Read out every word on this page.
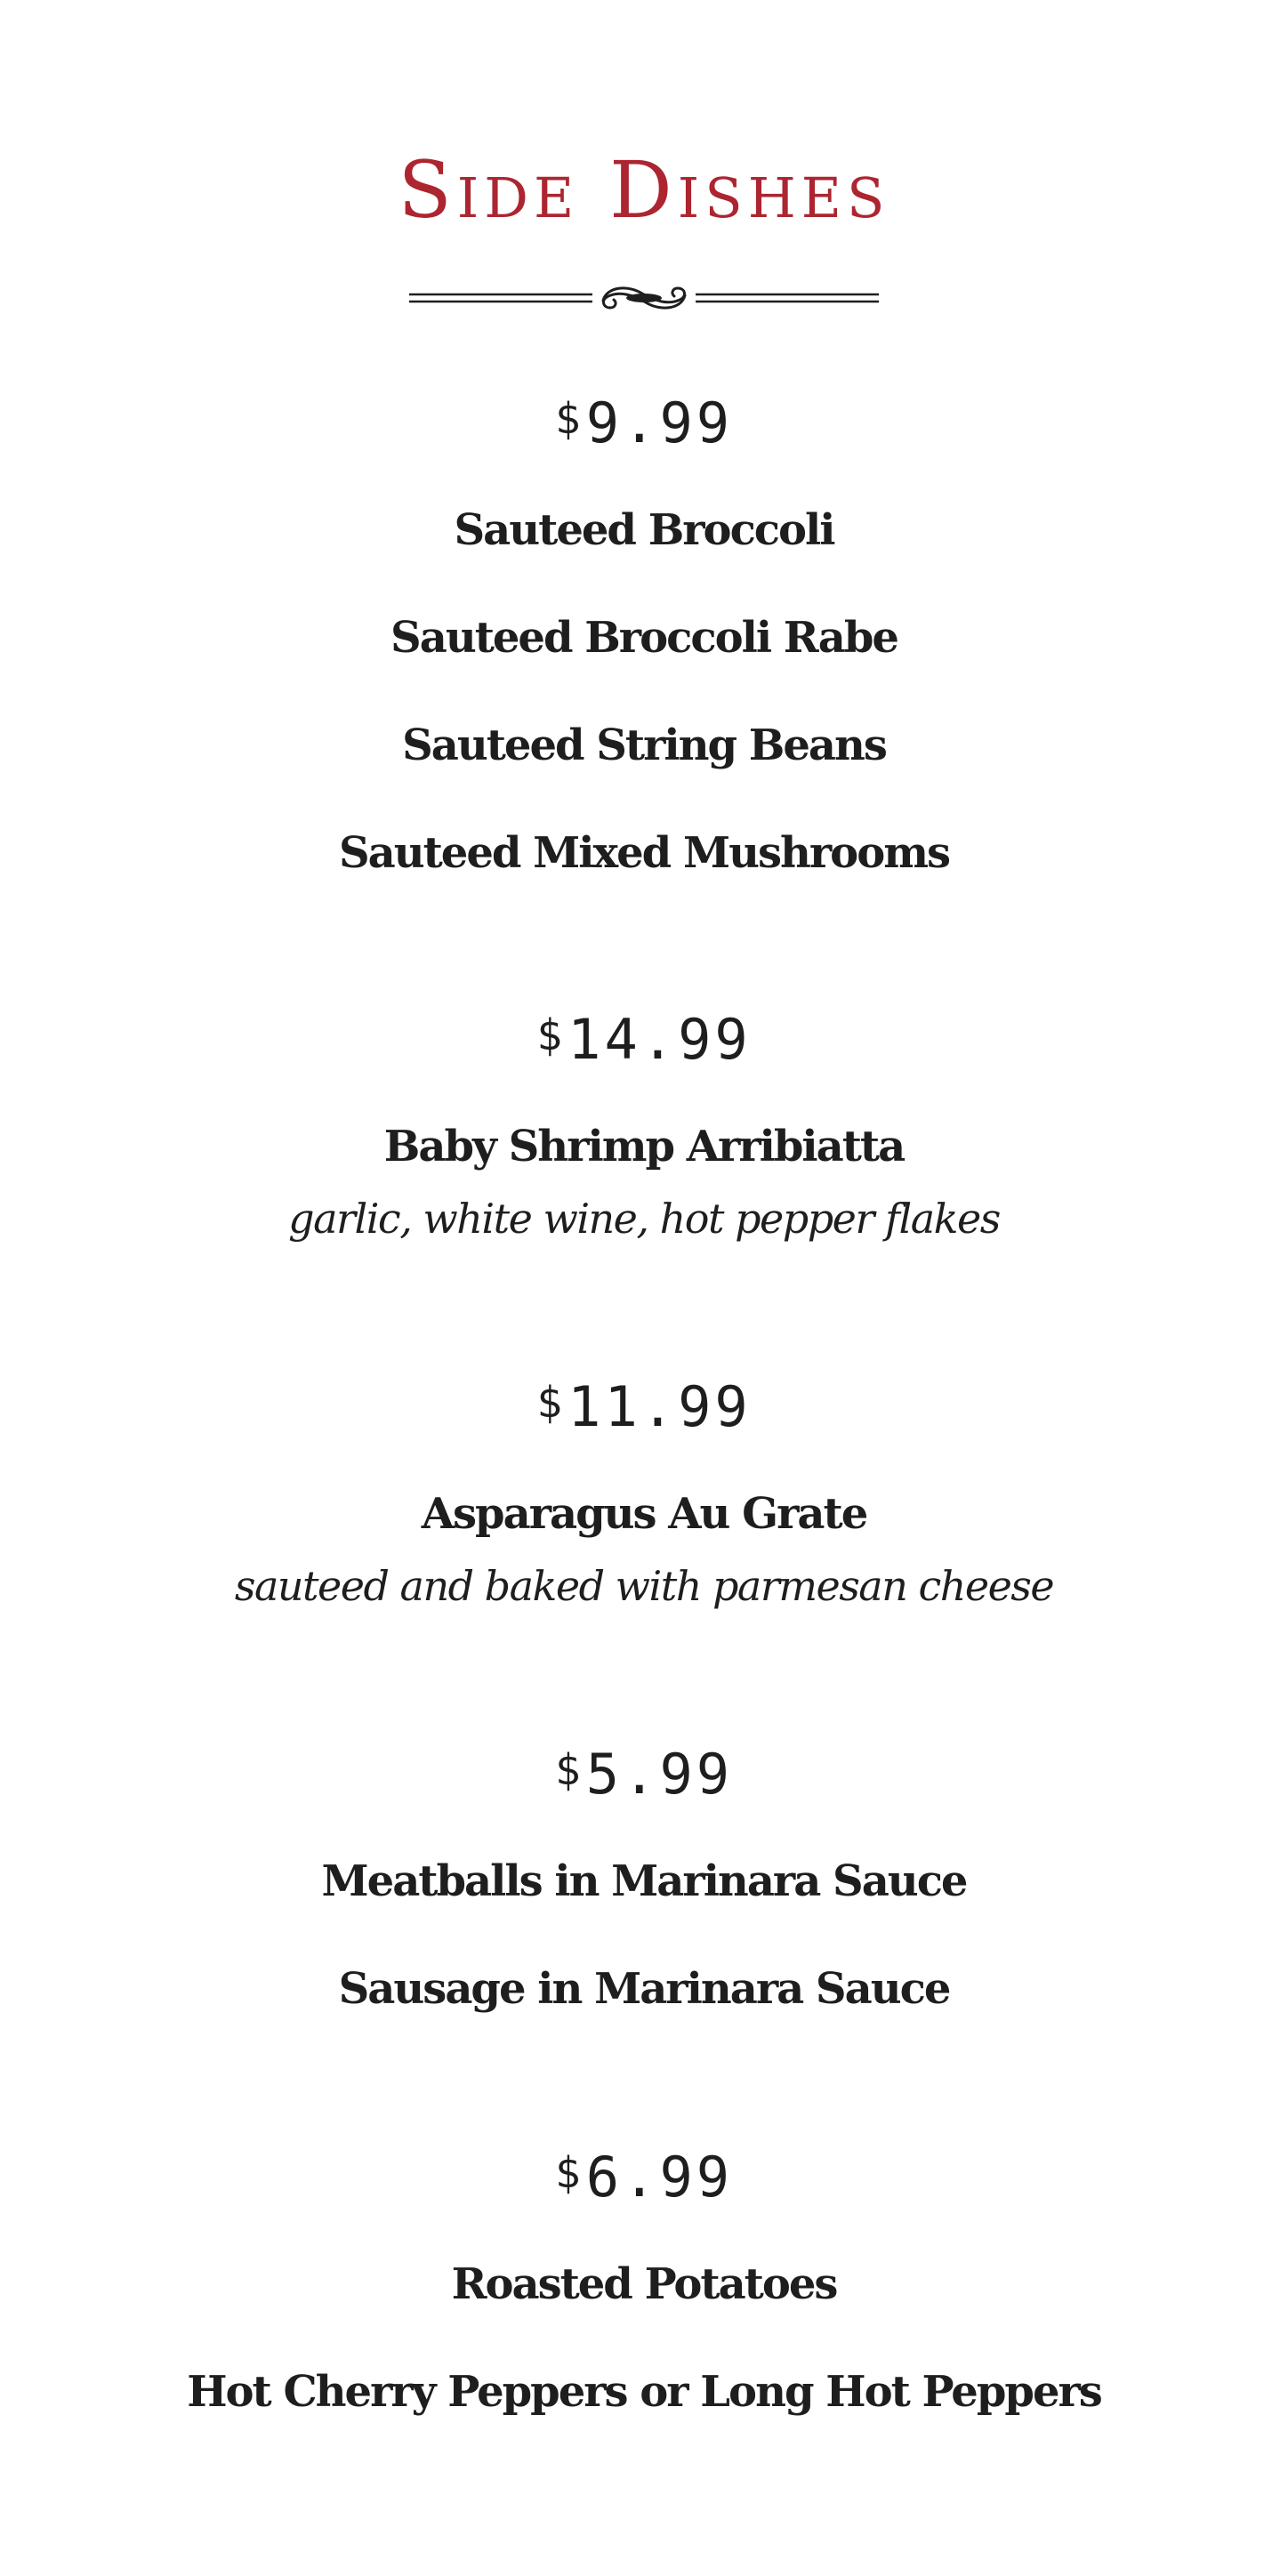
Side Dishes
$9.99
Sauteed Broccoli
Sauteed Broccoli Rabe
Sauteed String Beans
Sauteed Mixed Mushrooms
$14.99
Baby Shrimp Arribiatta
garlic, white wine, hot pepper flakes
$11.99
Asparagus Au Grate
sauteed and baked with parmesan cheese
$5.99
Meatballs in Marinara Sauce
Sausage in Marinara Sauce
$6.99
Roasted Potatoes
Hot Cherry Peppers or Long Hot Peppers
